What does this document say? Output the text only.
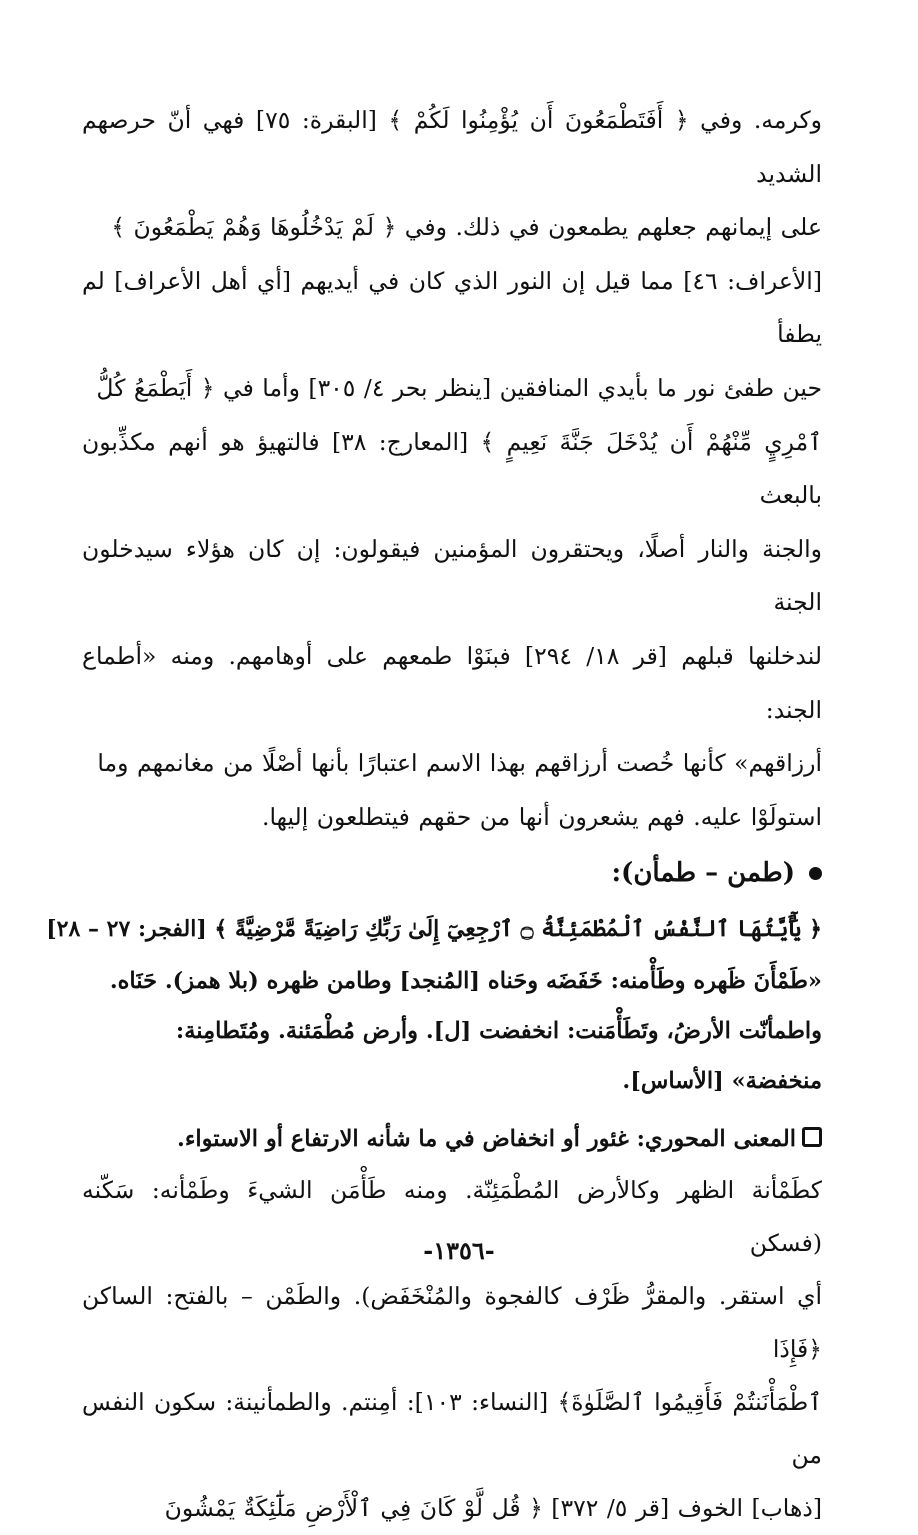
وكرمه. وفي ﴿ أَفَتَطْمَعُونَ أَن يُؤْمِنُوا لَكُمْ ﴾ [البقرة: ٧٥] فهي أنّ حرصهم الشديد

على إيمانهم جعلهم يطمعون في ذلك. وفي ﴿ لَمْ يَدْخُلُوهَا وَهُمْ يَطْمَعُونَ ﴾

[الأعراف: ٤٦] مما قيل إن النور الذي كان في أيديهم [أي أهل الأعراف] لم يطفأ

حين طفئ نور ما بأيدي المنافقين [ينظر بحر ٤/ ٣٠٥] وأما في ﴿ أَيَطْمَعُ كُلُّ

ٱمْرِيٍ مِّنْهُمْ أَن يُدْخَلَ جَنَّةَ نَعِيمٍ ﴾ [المعارج: ٣٨] فالتهيؤ هو أنهم مكذِّبون بالبعث

والجنة والنار أصلًا، ويحتقرون المؤمنين فيقولون: إن كان هؤلاء سيدخلون الجنة

لندخلنها قبلهم [قر ١٨/ ٢٩٤] فبنَوْا طمعهم على أوهامهم. ومنه «أطماع الجند:

أرزاقهم» كأنها خُصت أرزاقهم بهذا الاسم اعتبارًا بأنها أصْلًا من مغانمهم وما

استولَوْا عليه. فهم يشعرون أنها من حقهم فيتطلعون إليها.

(طمن – طمأن):

﴿ يَٰٓأَيَّتُهَا ٱلنَّفْسُ ٱلْمُطْمَئِنَّةُ ۝ ٱرْجِعِيٓ إِلَىٰ رَبِّكِ رَاضِيَةً مَّرْضِيَّةً ﴾ [الفجر: ٢٧ – ٢٨]

«طَمْأَنَ ظَهره وطَأْمنه: خَفَضَه وحَناه [المُنجد] وطامن ظهره (بلا همز). حَنَاه.

واطمأنّت الأرضُ، وتَطَأْمَنت: انخفضت [ل]. وأرض مُطْمَئنة. ومُتَطامِنة:

منخفضة» [الأساس].

المعنى المحوري: غئور أو انخفاض في ما شأنه الارتفاع أو الاستواء.

كطَمْأنة الظهر وكالأرض المُطْمَئِنّة. ومنه طَأْمَن الشيءَ وطَمْأنه: سَكّنه (فسكن

أي استقر. والمقرُّ ظَرْف كالفجوة والمُنْخَفَض). والطَمْن – بالفتح: الساكن ﴿فَإِذَا

ٱطْمَأْنَنتُمْ فَأَقِيمُوا ٱلصَّلَوٰةَ﴾ [النساء: ١٠٣]: أمِنتم. والطمأنينة: سكون النفس من

[ذهاب] الخوف [قر ٥/ ٣٧٢] ﴿ قُل لَّوْ كَانَ فِي ٱلْأَرْضِ مَلَٰٓئِكَةٌ يَمْشُونَ

-١٣٥٦-
